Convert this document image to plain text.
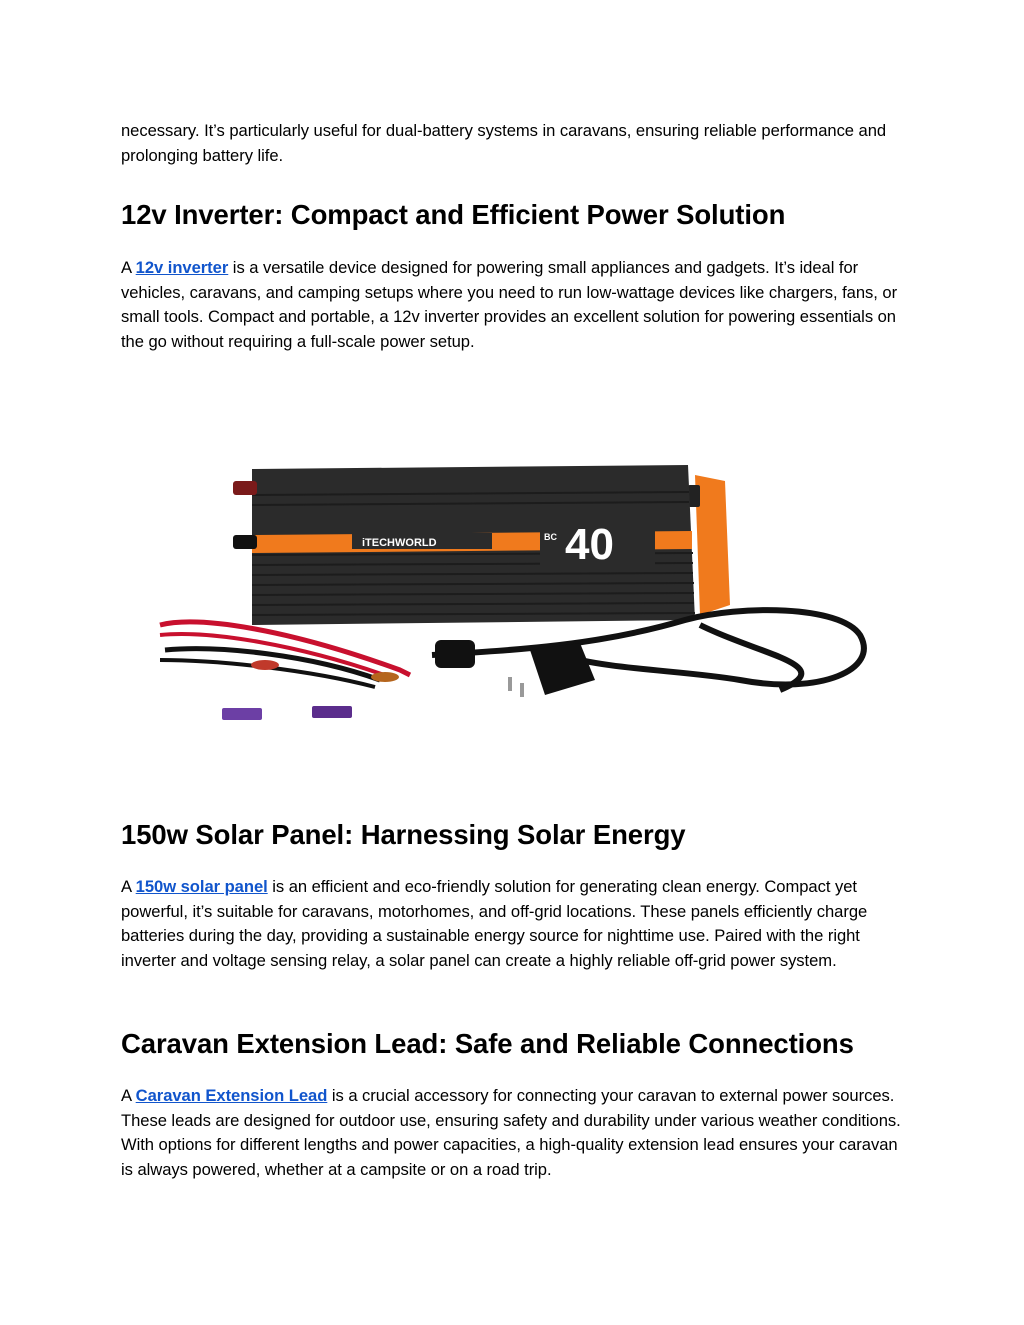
necessary. It’s particularly useful for dual-battery systems in caravans, ensuring reliable performance and prolonging battery life.

12v Inverter: Compact and Efficient Power Solution

A 12v inverter is a versatile device designed for powering small appliances and gadgets. It’s ideal for vehicles, caravans, and camping setups where you need to run low-wattage devices like chargers, fans, or small tools. Compact and portable, a 12v inverter provides an excellent solution for powering essentials on the go without requiring a full-scale power setup.

iTECHWORLD	BC 40
150w Solar Panel: Harnessing Solar Energy

A 150w solar panel is an efficient and eco-friendly solution for generating clean energy. Compact yet powerful, it’s suitable for caravans, motorhomes, and off-grid locations. These panels efficiently charge batteries during the day, providing a sustainable energy source for nighttime use. Paired with the right inverter and voltage sensing relay, a solar panel can create a highly reliable off-grid power system.

Caravan Extension Lead: Safe and Reliable Connections

A Caravan Extension Lead is a crucial accessory for connecting your caravan to external power sources. These leads are designed for outdoor use, ensuring safety and durability under various weather conditions. With options for different lengths and power capacities, a high-quality extension lead ensures your caravan is always powered, whether at a campsite or on a road trip.
